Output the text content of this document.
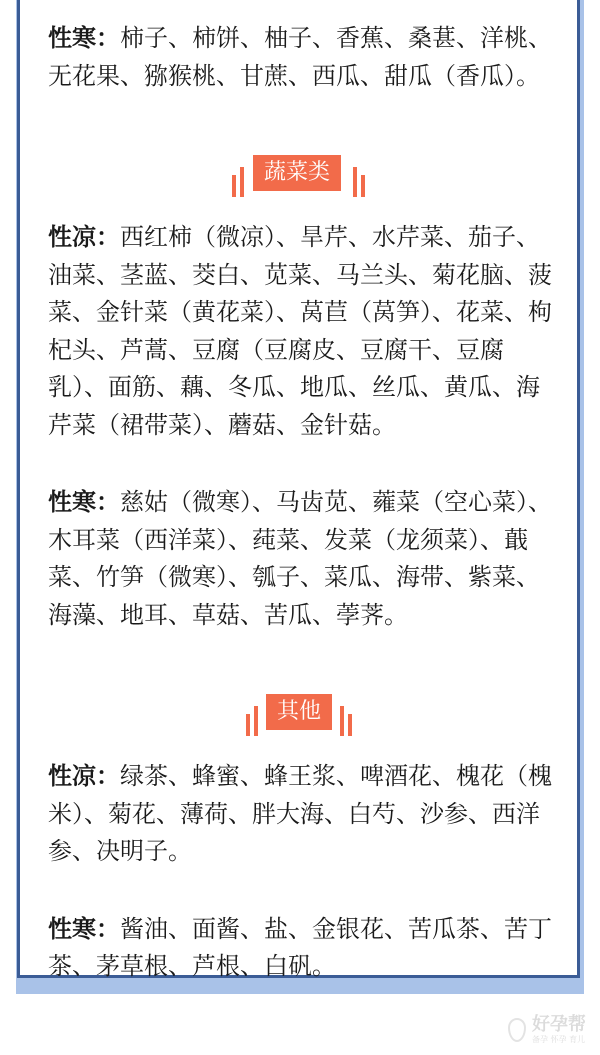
性寒：柿子、柿饼、柚子、香蕉、桑葚、洋桃、无花果、猕猴桃、甘蔗、西瓜、甜瓜（香瓜）。

蔬菜类

性凉：西红柿（微凉）、旱芹、水芹菜、茄子、油菜、茎蓝、茭白、苋菜、马兰头、菊花脑、菠菜、金针菜（黄花菜）、莴苣（莴笋）、花菜、枸杞头、芦蒿、豆腐（豆腐皮、豆腐干、豆腐乳）、面筋、藕、冬瓜、地瓜、丝瓜、黄瓜、海芹菜（裙带菜）、蘑菇、金针菇。

性寒：慈姑（微寒）、马齿苋、蕹菜（空心菜）、木耳菜（西洋菜）、莼菜、发菜（龙须菜）、蕺菜、竹笋（微寒）、瓠子、菜瓜、海带、紫菜、海藻、地耳、草菇、苦瓜、荸荠。

其他

性凉：绿茶、蜂蜜、蜂王浆、啤酒花、槐花（槐米）、菊花、薄荷、胖大海、白芍、沙参、西洋参、决明子。

性寒：酱油、面酱、盐、金银花、苦瓜茶、苦丁茶、茅草根、芦根、白矾。

好孕帮
备孕 怀孕 育儿
